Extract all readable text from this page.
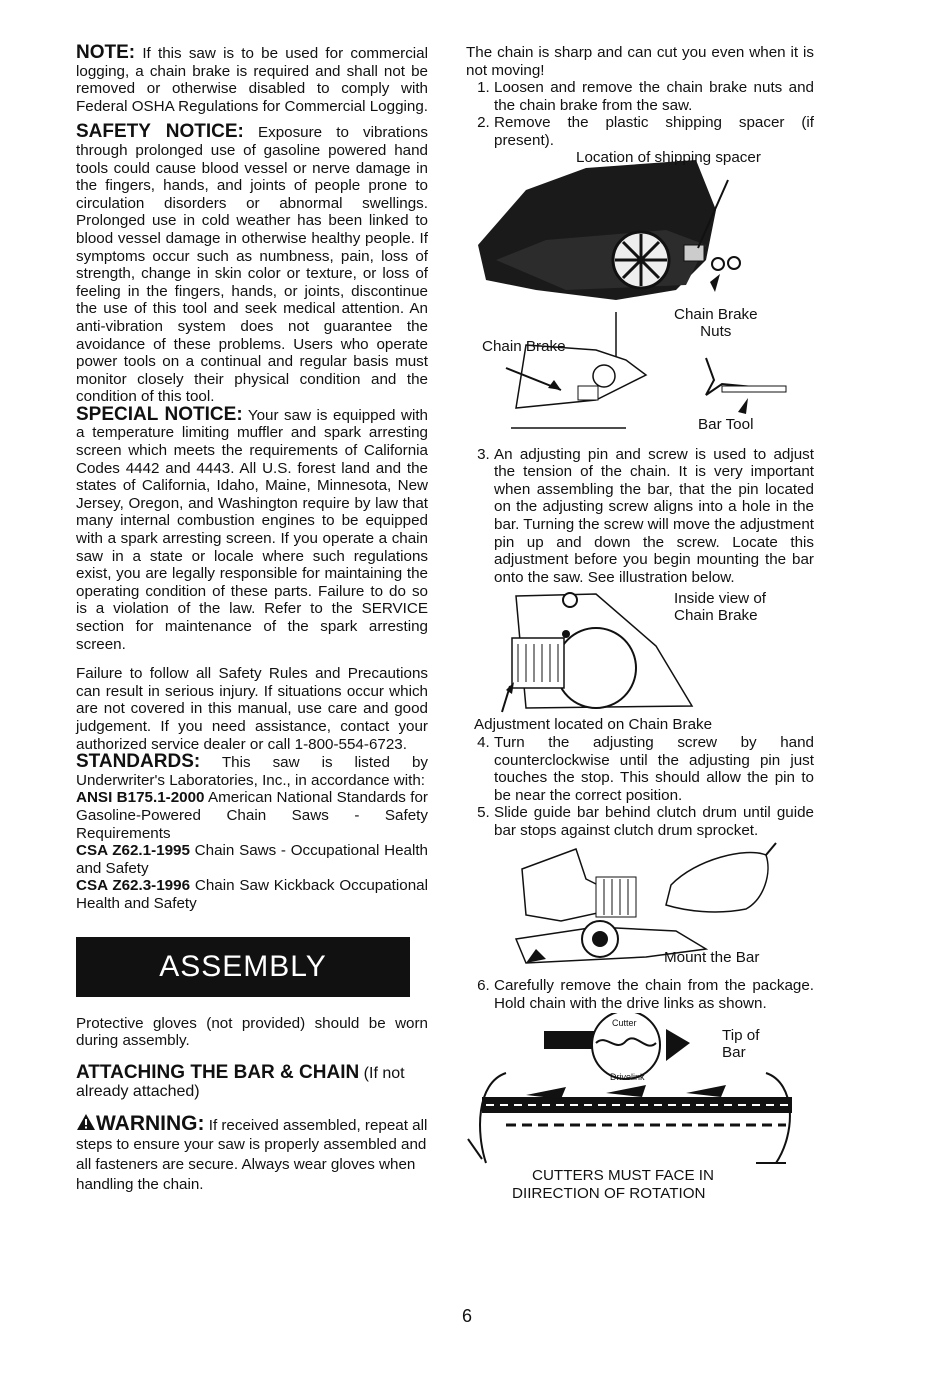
NOTE: If this saw is to be used for commercial logging, a chain brake is required and shall not be removed or otherwise disabled to comply with Federal OSHA Regulations for Commercial Logging.

SAFETY NOTICE: Exposure to vibrations through prolonged use of gasoline powered hand tools could cause blood vessel or nerve damage in the fingers, hands, and joints of people prone to circulation disorders or abnormal swellings. Prolonged use in cold weather has been linked to blood vessel damage in otherwise healthy people. If symptoms occur such as numbness, pain, loss of strength, change in skin color or texture, or loss of feeling in the fingers, hands, or joints, discontinue the use of this tool and seek medical attention. An anti-vibration system does not guarantee the avoidance of these problems. Users who operate power tools on a continual and regular basis must monitor closely their physical condition and the condition of this tool.

SPECIAL NOTICE: Your saw is equipped with a temperature limiting muffler and spark arresting screen which meets the requirements of California Codes 4442 and 4443. All U.S. forest land and the states of California, Idaho, Maine, Minnesota, New Jersey, Oregon, and Washington require by law that many internal combustion engines to be equipped with a spark arresting screen. If you operate a chain saw in a state or locale where such regulations exist, you are legally responsible for maintaining the operating condition of these parts. Failure to do so is a violation of the law. Refer to the SERVICE section for maintenance of the spark arresting screen.

Failure to follow all Safety Rules and Precautions can result in serious injury. If situations occur which are not covered in this manual, use care and good judgement. If you need assistance, contact your authorized service dealer or call 1-800-554-6723.

STANDARDS: This saw is listed by Underwriter's Laboratories, Inc., in accordance with:

ANSI B175.1-2000 American National Standards for Gasoline-Powered Chain Saws - Safety Requirements

CSA Z62.1-1995 Chain Saws - Occupational Health and Safety

CSA Z62.3-1996 Chain Saw Kickback Occupational Health and Safety

ASSEMBLY

Protective gloves (not provided) should be worn during assembly.

ATTACHING THE BAR & CHAIN (If not already attached)
WARNING: If received assembled, repeat all steps to ensure your saw is properly assembled and all fasteners are secure. Always wear gloves when handling the chain.

The chain is sharp and can cut you even when it is not moving!

1. Loosen and remove the chain brake nuts and the chain brake from the saw.
2. Remove the plastic shipping spacer (if present).
Location of shipping spacer
Chain Brake
Nuts
Chain Brake
Bar Tool
3. An adjusting pin and screw is used to adjust the tension of the chain. It is very important when assembling the bar, that the pin located on the adjusting screw aligns into a hole in the bar. Turning the screw will move the adjustment pin up and down the screw. Locate this adjustment before you begin mounting the bar onto the saw. See illustration below.
Inside view of
Chain Brake
Adjustment located on Chain Brake
4. Turn the adjusting screw by hand counterclockwise until the adjusting pin just touches the stop. This should allow the pin to be near the correct position.
5. Slide guide bar behind clutch drum until guide bar stops against clutch drum sprocket.
Mount the Bar
6. Carefully remove the chain from the package. Hold chain with the drive links as shown.
Cutter
Drivelink
Tip of
Bar
CUTTERS MUST FACE IN
DIIRECTION OF ROTATION
6
